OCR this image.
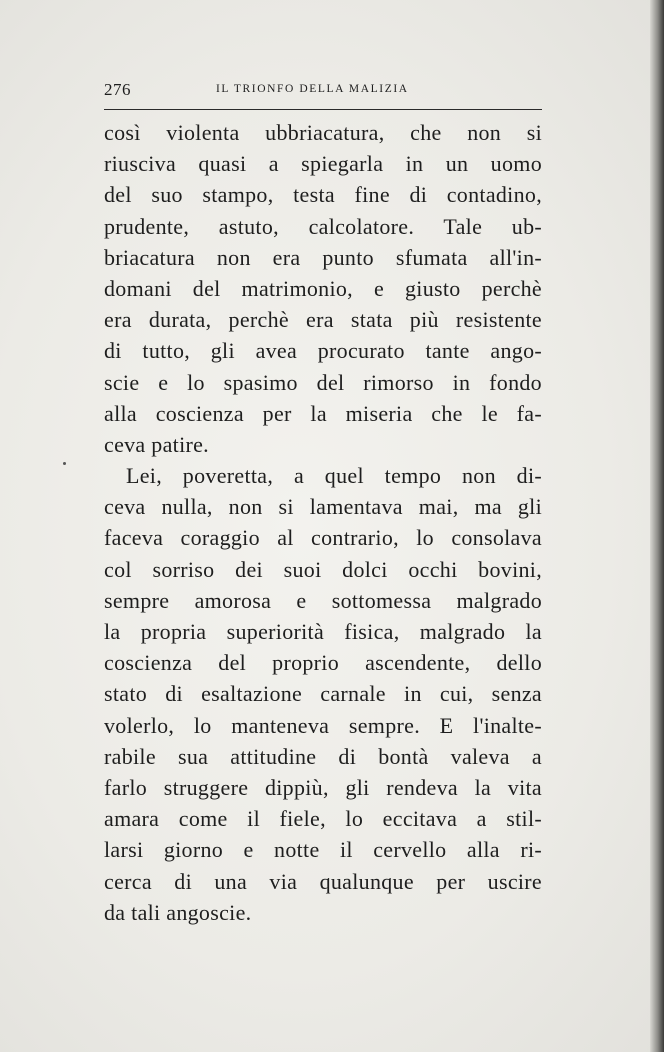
276	IL TRIONFO DELLA MALIZIA
così violenta ubbriacatura, che non si
riusciva quasi a spiegarla in un uomo
del suo stampo, testa fine di contadino,
prudente, astuto, calcolatore. Tale ub-
briacatura non era punto sfumata all'in-
domani del matrimonio, e giusto perchè
era durata, perchè era stata più resistente
di tutto, gli avea procurato tante ango-
scie e lo spasimo del rimorso in fondo
alla coscienza per la miseria che le fa-
ceva patire.
Lei, poveretta, a quel tempo non di-
ceva nulla, non si lamentava mai, ma gli
faceva coraggio al contrario, lo consolava
col sorriso dei suoi dolci occhi bovini,
sempre amorosa e sottomessa malgrado
la propria superiorità fisica, malgrado la
coscienza del proprio ascendente, dello
stato di esaltazione carnale in cui, senza
volerlo, lo manteneva sempre. E l'inalte-
rabile sua attitudine di bontà valeva a
farlo struggere dippiù, gli rendeva la vita
amara come il fiele, lo eccitava a stil-
larsi giorno e notte il cervello alla ri-
cerca di una via qualunque per uscire
da tali angoscie.
